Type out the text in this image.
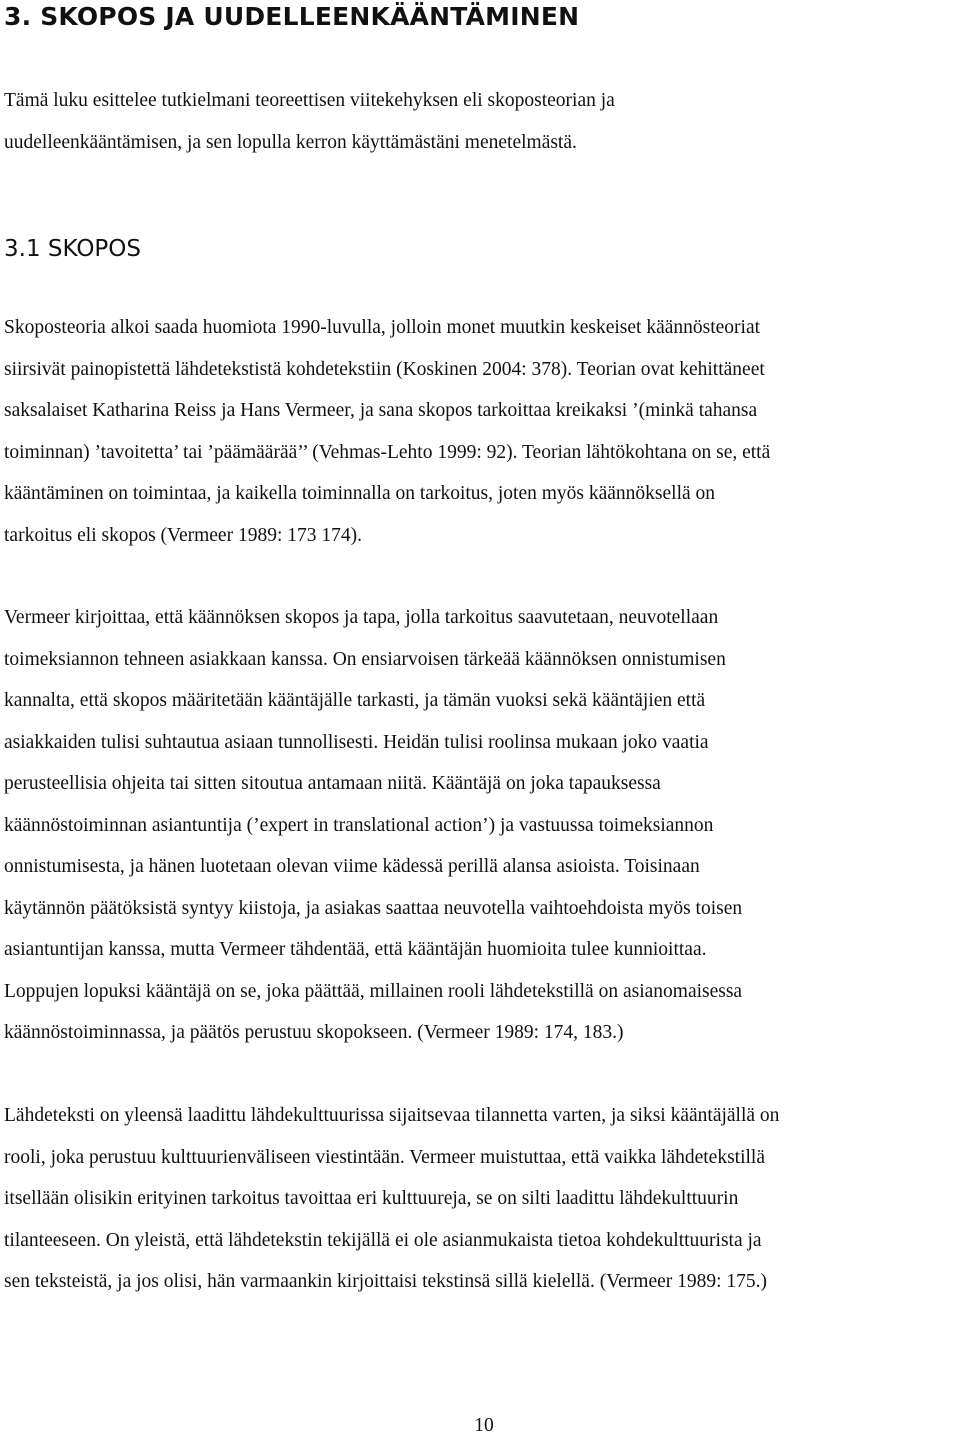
3. SKOPOS JA UUDELLEENKÄÄNTÄMINEN

Tämä luku esittelee tutkielmani teoreettisen viitekehyksen eli skoposteorian ja
uudelleenkääntämisen, ja sen lopulla kerron käyttämästäni menetelmästä.

3.1 SKOPOS

Skoposteoria alkoi saada huomiota 1990-luvulla, jolloin monet muutkin keskeiset käännösteoriat
siirsivät painopistettä lähdetekstistä kohdetekstiin (Koskinen 2004: 378). Teorian ovat kehittäneet
saksalaiset Katharina Reiss ja Hans Vermeer, ja sana skopos tarkoittaa kreikaksi ’(minkä tahansa
toiminnan) ’tavoitetta’ tai ’päämäärää’’ (Vehmas-Lehto 1999: 92). Teorian lähtökohtana on se, että
kääntäminen on toimintaa, ja kaikella toiminnalla on tarkoitus, joten myös käännöksellä on
tarkoitus eli skopos (Vermeer 1989: 173 174).

Vermeer kirjoittaa, että käännöksen skopos ja tapa, jolla tarkoitus saavutetaan, neuvotellaan
toimeksiannon tehneen asiakkaan kanssa. On ensiarvoisen tärkeää käännöksen onnistumisen
kannalta, että skopos määritetään kääntäjälle tarkasti, ja tämän vuoksi sekä kääntäjien että
asiakkaiden tulisi suhtautua asiaan tunnollisesti. Heidän tulisi roolinsa mukaan joko vaatia
perusteellisia ohjeita tai sitten sitoutua antamaan niitä. Kääntäjä on joka tapauksessa
käännöstoiminnan asiantuntija (’expert in translational action’) ja vastuussa toimeksiannon
onnistumisesta, ja hänen luotetaan olevan viime kädessä perillä alansa asioista. Toisinaan
käytännön päätöksistä syntyy kiistoja, ja asiakas saattaa neuvotella vaihtoehdoista myös toisen
asiantuntijan kanssa, mutta Vermeer tähdentää, että kääntäjän huomioita tulee kunnioittaa.
Loppujen lopuksi kääntäjä on se, joka päättää, millainen rooli lähdetekstillä on asianomaisessa
käännöstoiminnassa, ja päätös perustuu skopokseen. (Vermeer 1989: 174, 183.)

Lähdeteksti on yleensä laadittu lähdekulttuurissa sijaitsevaa tilannetta varten, ja siksi kääntäjällä on
rooli, joka perustuu kulttuurienväliseen viestintään. Vermeer muistuttaa, että vaikka lähdetekstillä
itsellään olisikin erityinen tarkoitus tavoittaa eri kulttuureja, se on silti laadittu lähdekulttuurin
tilanteeseen. On yleistä, että lähdetekstin tekijällä ei ole asianmukaista tietoa kohdekulttuurista ja
sen teksteistä, ja jos olisi, hän varmaankin kirjoittaisi tekstinsä sillä kielellä. (Vermeer 1989: 175.)

10
